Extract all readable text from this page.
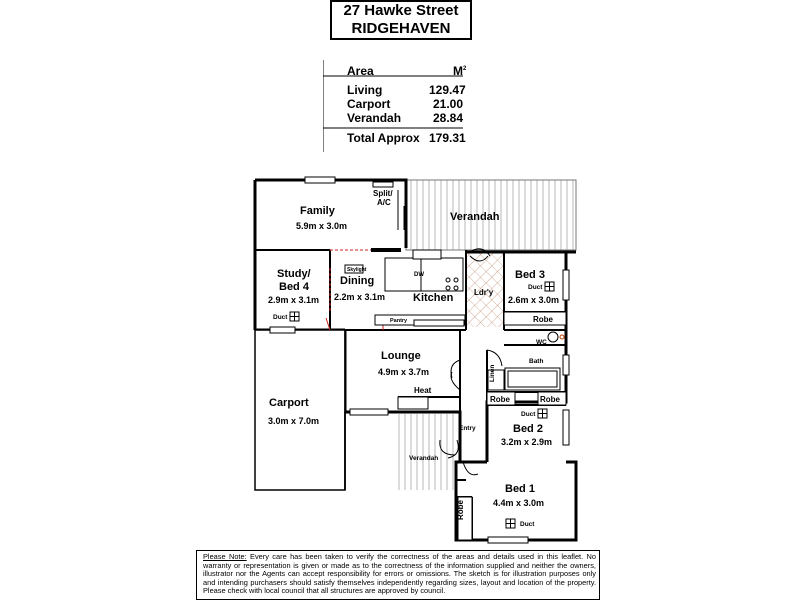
27 Hawke Street
RIDGEHAVEN
Area	$M^2$
Living	129.47
Carport	21.00
Verandah	28.84
Total Approx 179.31
Family
5.9m x 3.0m
Split/
A/C
Verandah
Study/
Bed 4
2.9m x 3.1m
Duct
Skylight
Dining
2.2m x 3.1m	Kitchen
DW
Pantry
Ldr'y
Bed 3
Duct
2.6m x 3.0m
Robe
WC
Bath
Linen
Lounge
4.9m x 3.7m
Heat
Carport
3.0m x 7.0m
Robe	Robe
Duct
Bed 2
3.2m x 2.9m
Entry
Verandah
Bed 1
4.4m x 3.0m
Duct
Robe
Please Note: Every care has been taken to verify the correctness of the areas and details used in this leaflet. No warranty or representation is given or made as to the correctness of the information supplied and neither the owners, illustrator nor the Agents can accept responsibility for errors or omissions. The sketch is for illustration purposes only and intending purchasers should satisfy themselves independently regarding sizes, layout and location of the property. Please check with local council that all structures are approved by council.
